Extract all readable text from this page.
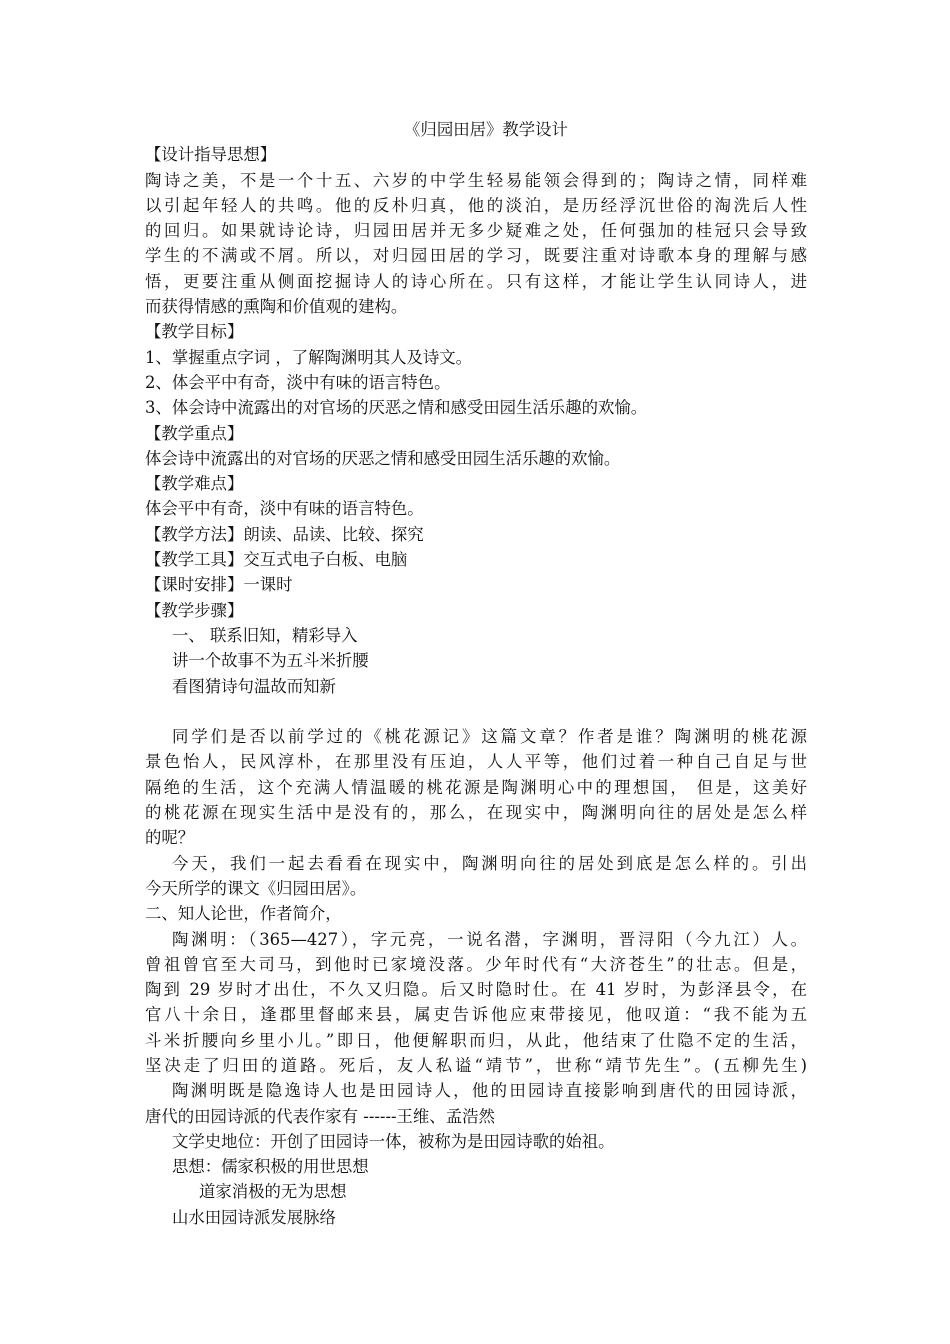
《归园田居》教学设计
【设计指导思想】
陶诗之美，不是一个十五、六岁的中学生轻易能领会得到的；陶诗之情，同样难
以引起年轻人的共鸣。他的反朴归真，他的淡泊，是历经浮沉世俗的淘洗后人性
的回归。如果就诗论诗，归园田居并无多少疑难之处，任何强加的桂冠只会导致
学生的不满或不屑。所以，对归园田居的学习，既要注重对诗歌本身的理解与感
悟，更要注重从侧面挖掘诗人的诗心所在。只有这样，才能让学生认同诗人，进
而获得情感的熏陶和价值观的建构。
【教学目标】
1、掌握重点字词 ，了解陶渊明其人及诗文。
2、体会平中有奇，淡中有味的语言特色。
3、体会诗中流露出的对官场的厌恶之情和感受田园生活乐趣的欢愉。
【教学重点】
体会诗中流露出的对官场的厌恶之情和感受田园生活乐趣的欢愉。
【教学难点】
体会平中有奇，淡中有味的语言特色。
【教学方法】朗读、品读、比较、探究
【教学工具】交互式电子白板、电脑
【课时安排】一课时
【教学步骤】
一、 联系旧知，精彩导入
讲一个故事不为五斗米折腰
看图猜诗句温故而知新
同学们是否以前学过的《桃花源记》这篇文章？作者是谁？陶渊明的桃花源
景色怡人，民风淳朴，在那里没有压迫，人人平等，他们过着一种自己自足与世
隔绝的生活，这个充满人情温暖的桃花源是陶渊明心中的理想国， 但是，这美好
的桃花源在现实生活中是没有的，那么，在现实中，陶渊明向往的居处是怎么样
的呢？
今天，我们一起去看看在现实中，陶渊明向往的居处到底是怎么样的。引出
今天所学的课文《归园田居》。
二、知人论世，作者简介，
陶渊明：（365—427），字元亮，一说名潜，字渊明，晋浔阳（今九江）人。
曾祖曾官至大司马，到他时已家境没落。少年时代有“大济苍生”的壮志。但是，
陶到 29 岁时才出仕，不久又归隐。后又时隐时仕。在 41 岁时，为彭泽县令，在
官八十余日，逢郡里督邮来县，属吏告诉他应束带接见，他叹道：“我不能为五
斗米折腰向乡里小儿。”即日，他便解职而归，从此，他结束了仕隐不定的生活，
坚决走了归田的道路。死后，友人私谥“靖节”，世称“靖节先生”。(五柳先生)
陶渊明既是隐逸诗人也是田园诗人，他的田园诗直接影响到唐代的田园诗派，
唐代的田园诗派的代表作家有 ------王维、孟浩然
文学史地位：开创了田园诗一体，被称为是田园诗歌的始祖。
思想：儒家积极的用世思想
道家消极的无为思想
山水田园诗派发展脉络
